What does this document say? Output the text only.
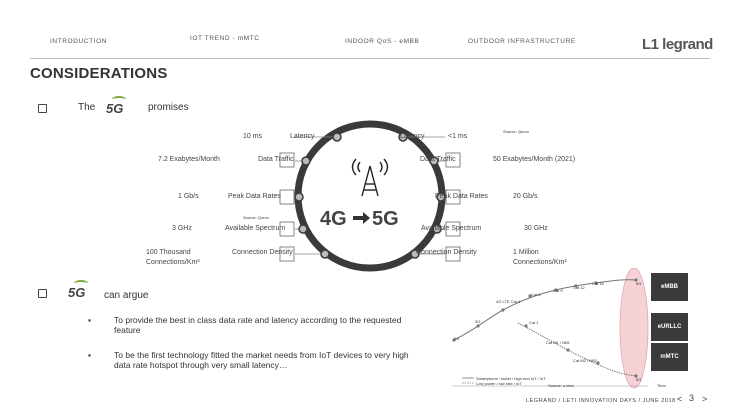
INTRODUCTION	IOT TREND - mMTC	INDOOR QoS - eMBB	OUTDOOR INFRASTRUCTURE	L1 legrand
CONSIDERATIONS
The 5G promises
Source: Qorvo
Source: Qorvo	4G 5G
10 ms	Latency
7.2 Exabytes/Month	Data Traffic
1 Gb/s	Peak Data Rates
3 GHz	Available Spectrum
100 Thousand Connections/Km²
Connection Density
Latency	<1 ms
Data Traffic	50 Exabytes/Month (2021)
Peak Data Rates	20 Gb/s
Available Spectrum	30 GHz
Connection Density	1 Million Connections/Km²
5G can argue
▪	To provide the best in class data rate and latency according to the requested feature
▪	To be the first technology fitted the market needs from IoT devices to very high data rate hotspot through very small latency…
4G LTE Cat 4
Cat 6
Cat 9
Cat 12
Cat 16
Cat 1
Cat M1 / NB1
Cat M2 / NB2
3G
2G
5G
5G
Smartphone / tablet / high end IoT / IoT
Low power / low rate / IoT	Source: u-blox	Time
eMBB
eURLLC
mMTC
LEGRAND / LETI INNOVATION DAYS / JUNE 2018 < 3 >
